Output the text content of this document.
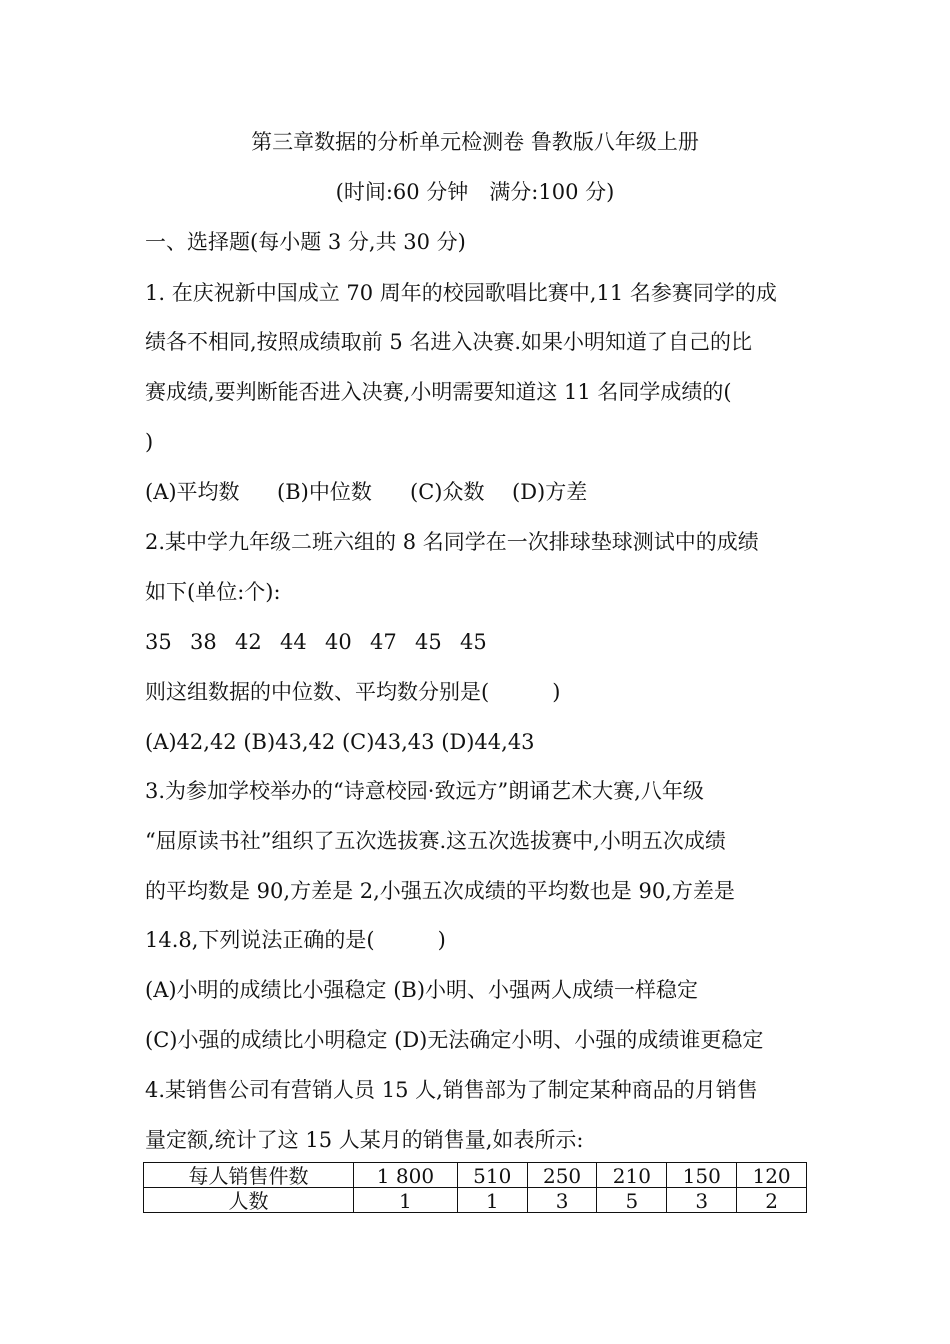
第三章数据的分析单元检测卷 鲁教版八年级上册
(时间:60 分钟　满分:100 分)
一、选择题(每小题 3 分,共 30 分)
1. 在庆祝新中国成立 70 周年的校园歌唱比赛中,11 名参赛同学的成
绩各不相同,按照成绩取前 5 名进入决赛.如果小明知道了自己的比
赛成绩,要判断能否进入决赛,小明需要知道这 11 名同学成绩的(
)
(A)平均数 (B)中位数 (C)众数 (D)方差
2.某中学九年级二班六组的 8 名同学在一次排球垫球测试中的成绩
如下(单位:个):
35 38 42 44 40 47 45 45
则这组数据的中位数、平均数分别是(　　　)
(A)42,42 (B)43,42 (C)43,43 (D)44,43
3.为参加学校举办的“诗意校园·致远方”朗诵艺术大赛,八年级
“屈原读书社”组织了五次选拔赛.这五次选拔赛中,小明五次成绩
的平均数是 90,方差是 2,小强五次成绩的平均数也是 90,方差是
14.8,下列说法正确的是(　　　)
(A)小明的成绩比小强稳定 (B)小明、小强两人成绩一样稳定
(C)小强的成绩比小明稳定 (D)无法确定小明、小强的成绩谁更稳定
4.某销售公司有营销人员 15 人,销售部为了制定某种商品的月销售
量定额,统计了这 15 人某月的销售量,如表所示:
每人销售件数	1 800	510	250	210	150	120
人数	1	1	3	5	3	2
